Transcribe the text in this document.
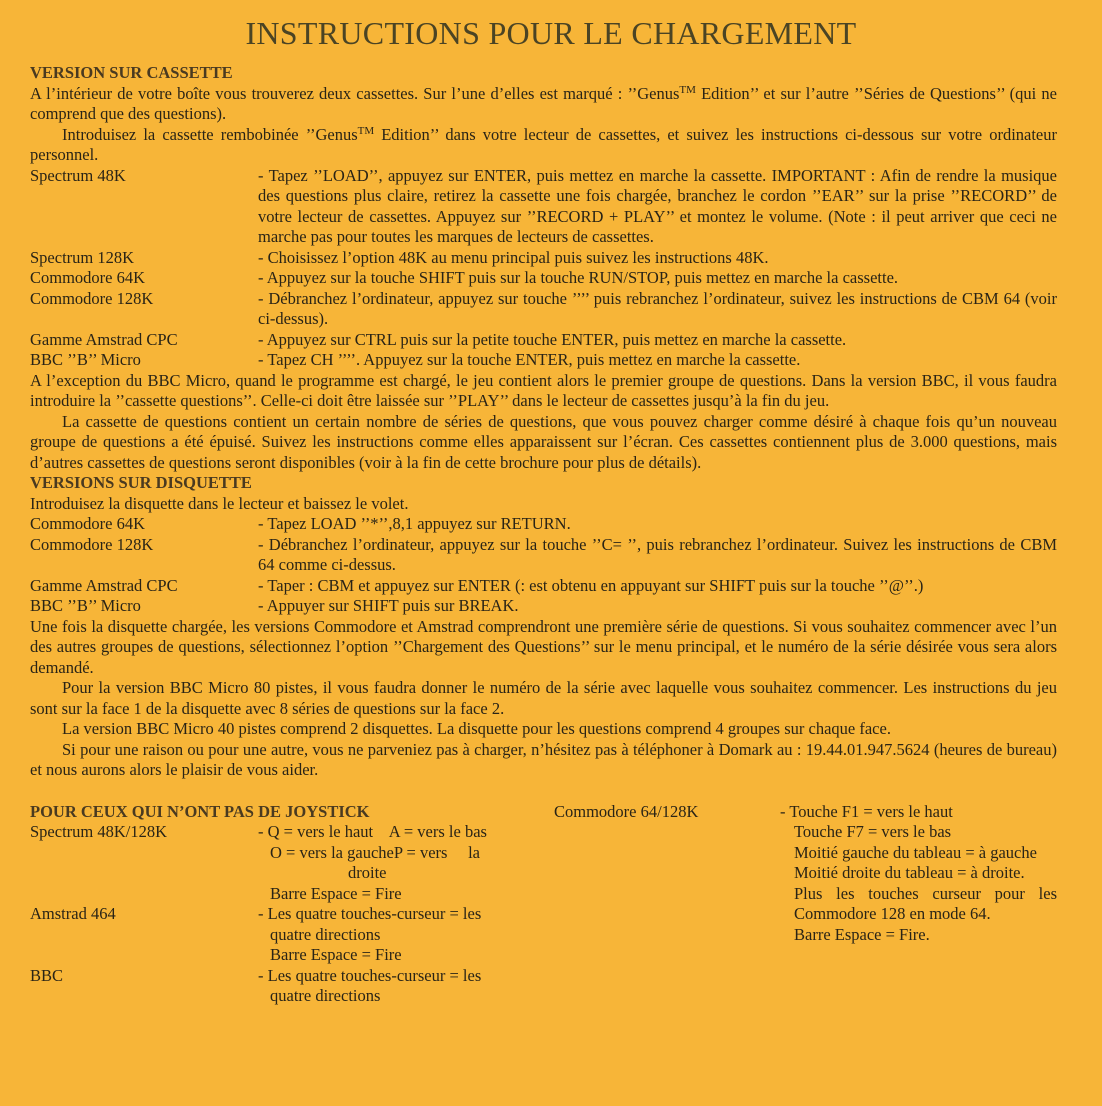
INSTRUCTIONS POUR LE CHARGEMENT

VERSION SUR CASSETTE

A l’intérieur de votre boîte vous trouverez deux cassettes. Sur l’une d’elles est marqué : ’’Genus™ Edition’’ et sur l’autre ’’Séries de Questions’’ (qui ne comprend que des questions).

Introduisez la cassette rembobinée ’’Genus™ Edition’’ dans votre lecteur de cassettes, et suivez les instructions ci-dessous sur votre ordinateur personnel.

Spectrum 48K	- Tapez ’’LOAD’’, appuyez sur ENTER, puis mettez en marche la cassette. IMPORTANT : Afin de rendre la musique des questions plus claire, retirez la cassette une fois chargée, branchez le cordon ’’EAR’’ sur la prise ’’RECORD’’ de votre lecteur de cassettes. Appuyez sur ’’RECORD + PLAY’’ et montez le volume. (Note : il peut arriver que ceci ne marche pas pour toutes les marques de lecteurs de cassettes.
Spectrum 128K	- Choisissez l’option 48K au menu principal puis suivez les instructions 48K.
Commodore 64K	- Appuyez sur la touche SHIFT puis sur la touche RUN/STOP, puis mettez en marche la cassette.
Commodore 128K	- Débranchez l’ordinateur, appuyez sur touche ’’’’ puis rebranchez l’ordinateur, suivez les instructions de CBM 64 (voir ci-dessus).
Gamme Amstrad CPC	- Appuyez sur CTRL puis sur la petite touche ENTER, puis mettez en marche la cassette.
BBC ’’B’’ Micro	- Tapez CH ’’’’. Appuyez sur la touche ENTER, puis mettez en marche la cassette.

A l’exception du BBC Micro, quand le programme est chargé, le jeu contient alors le premier groupe de questions. Dans la version BBC, il vous faudra introduire la ’’cassette questions’’. Celle-ci doit être laissée sur ’’PLAY’’ dans le lecteur de cassettes jusqu’à la fin du jeu.

La cassette de questions contient un certain nombre de séries de questions, que vous pouvez charger comme désiré à chaque fois qu’un nouveau groupe de questions a été épuisé. Suivez les instructions comme elles apparaissent sur l’écran. Ces cassettes contiennent plus de 3.000 questions, mais d’autres cassettes de questions seront disponibles (voir à la fin de cette brochure pour plus de détails).

VERSIONS SUR DISQUETTE

Introduisez la disquette dans le lecteur et baissez le volet.

Commodore 64K	- Tapez LOAD ’’*’’,8,1 appuyez sur RETURN.
Commodore 128K	- Débranchez l’ordinateur, appuyez sur la touche ’’C= ’’, puis rebranchez l’ordinateur. Suivez les instructions de CBM 64 comme ci-dessus.
Gamme Amstrad CPC	- Taper : CBM et appuyez sur ENTER (: est obtenu en appuyant sur SHIFT puis sur la touche ’’@’’.)
BBC ’’B’’ Micro	- Appuyer sur SHIFT puis sur BREAK.

Une fois la disquette chargée, les versions Commodore et Amstrad comprendront une première série de questions. Si vous souhaitez commencer avec l’un des autres groupes de questions, sélectionnez l’option ’’Chargement des Questions’’ sur le menu principal, et le numéro de la série désirée vous sera alors demandé.

Pour la version BBC Micro 80 pistes, il vous faudra donner le numéro de la série avec laquelle vous souhaitez commencer. Les instructions du jeu sont sur la face 1 de la disquette avec 8 séries de questions sur la face 2.

La version BBC Micro 40 pistes comprend 2 disquettes. La disquette pour les questions comprend 4 groupes sur chaque face.

Si pour une raison ou pour une autre, vous ne parveniez pas à charger, n’hésitez pas à téléphoner à Domark au : 19.44.01.947.5624 (heures de bureau) et nous aurons alors le plaisir de vous aider.

POUR CEUX QUI N’ONT PAS DE JOYSTICK

Spectrum 48K/128K	- Q = vers le haut    A = vers le bas
O = vers la gaucheP = vers     la
droite
Barre Espace = Fire
Amstrad 464	- Les quatre touches-curseur = les
quatre directions
Barre Espace = Fire
BBC	- Les quatre touches-curseur = les
quatre directions
Commodore 64/128K	- Touche F1 = vers le haut
Touche F7 = vers le bas
Moitié gauche du tableau = à gauche
Moitié droite du tableau = à droite.
Plus les touches curseur pour les Commodore 128 en mode 64.
Barre Espace = Fire.
